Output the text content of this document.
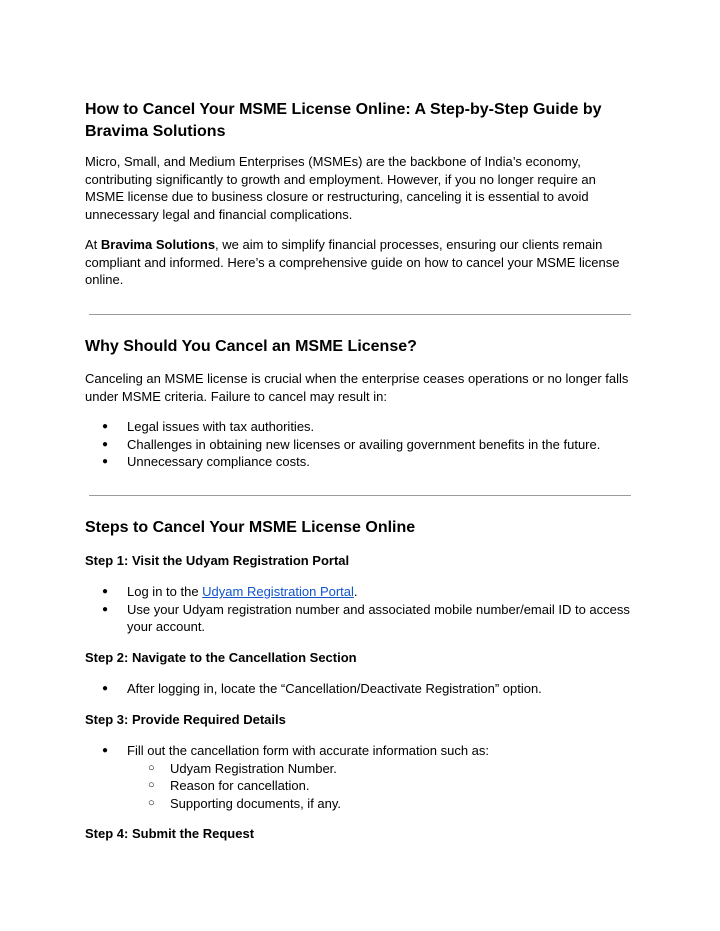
How to Cancel Your MSME License Online: A Step-by-Step Guide by Bravima Solutions

Micro, Small, and Medium Enterprises (MSMEs) are the backbone of India’s economy, contributing significantly to growth and employment. However, if you no longer require an MSME license due to business closure or restructuring, canceling it is essential to avoid unnecessary legal and financial complications.

At Bravima Solutions, we aim to simplify financial processes, ensuring our clients remain compliant and informed. Here’s a comprehensive guide on how to cancel your MSME license online.

Why Should You Cancel an MSME License?

Canceling an MSME license is crucial when the enterprise ceases operations or no longer falls under MSME criteria. Failure to cancel may result in:

● Legal issues with tax authorities.
● Challenges in obtaining new licenses or availing government benefits in the future.
● Unnecessary compliance costs.
Steps to Cancel Your MSME License Online
Step 1: Visit the Udyam Registration Portal
● Log in to the Udyam Registration Portal.
● Use your Udyam registration number and associated mobile number/email ID to access your account.
Step 2: Navigate to the Cancellation Section
● After logging in, locate the “Cancellation/Deactivate Registration” option.
Step 3: Provide Required Details
● Fill out the cancellation form with accurate information such as:
○ Udyam Registration Number.
○ Reason for cancellation.
○ Supporting documents, if any.
Step 4: Submit the Request
